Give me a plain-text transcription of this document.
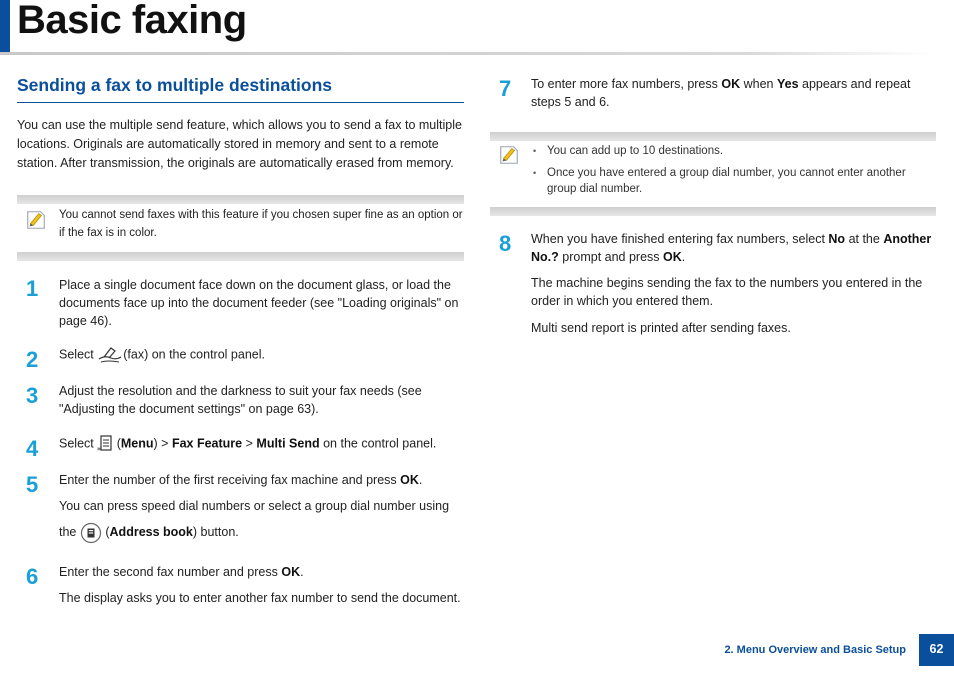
Basic faxing
Sending a fax to multiple destinations

You can use the multiple send feature, which allows you to send a fax to multiple locations. Originals are automatically stored in memory and sent to a remote station. After transmission, the originals are automatically erased from memory.

You cannot send faxes with this feature if you chosen super fine as an option or if the fax is in color.

1 Place a single document face down on the document glass, or load the documents face up into the document feeder (see "Loading originals" on page 46).

2 Select (fax) on the control panel.

3 Adjust the resolution and the darkness to suit your fax needs (see "Adjusting the document settings" on page 63).

4 Select
*
(Menu) > Fax Feature > Multi Send on the control panel.

5 Enter the number of the first receiving fax machine and press OK.

You can press speed dial numbers or select a group dial number using

the (Address book) button.

6 Enter the second fax number and press OK.

The display asks you to enter another fax number to send the document.

7 To enter more fax numbers, press OK when Yes appears and repeat steps 5 and 6.

• You can add up to 10 destinations.
• Once you have entered a group dial number, you cannot enter another group dial number.
8 When you have finished entering fax numbers, select No at the Another No.? prompt and press OK.

The machine begins sending the fax to the numbers you entered in the order in which you entered them.

Multi send report is printed after sending faxes.

2. Menu Overview and Basic Setup	62
